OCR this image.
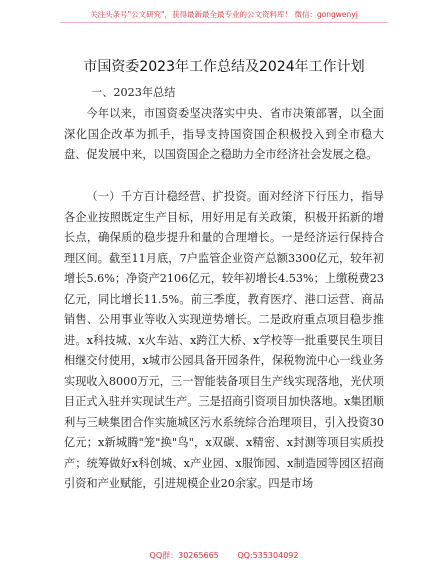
关注头条号"公文研究"，获得最新最全最专业的公文资料库！ 微信：gongwenyj
市国资委2023年工作总结及2024年工作计划
一、2023年总结

今年以来，市国资委坚决落实中央、省市决策部署，以全面深化国企改革为抓手，指导支持国资国企积极投入到全市稳大盘、促发展中来，以国资国企之稳助力全市经济社会发展之稳。

（一）千方百计稳经营、扩投资。面对经济下行压力，指导各企业按照既定生产目标，用好用足有关政策，积极开拓新的增长点，确保质的稳步提升和量的合理增长。一是经济运行保持合理区间。截至11月底，7户监管企业资产总额3300亿元，较年初增长5.6%；净资产2106亿元，较年初增长4.53%；上缴税费23亿元，同比增长11.5%。前三季度，教育医疗、港口运营、商品销售、公用事业等收入实现逆势增长。二是政府重点项目稳步推进。x科技城、x火车站、x跨江大桥、x学校等一批重要民生项目相继交付使用，x城市公园具备开园条件，保税物流中心一线业务实现收入8000万元，三一智能装备项目生产线实现落地，光伏项目正式入驻并实现试生产。三是招商引资项目加快落地。x集团顺利与三峡集团合作实施城区污水系统综合治理项目，引入投资30亿元；x新城腾"笼"换"鸟"，x双碳、x精密、x封测等项目实质投产；统筹做好x科创城、x产业园、x服饰园、x制造园等园区招商引资和产业赋能，引进规模企业20余家。四是市场

QQ群：30265665 QQ:535304092
